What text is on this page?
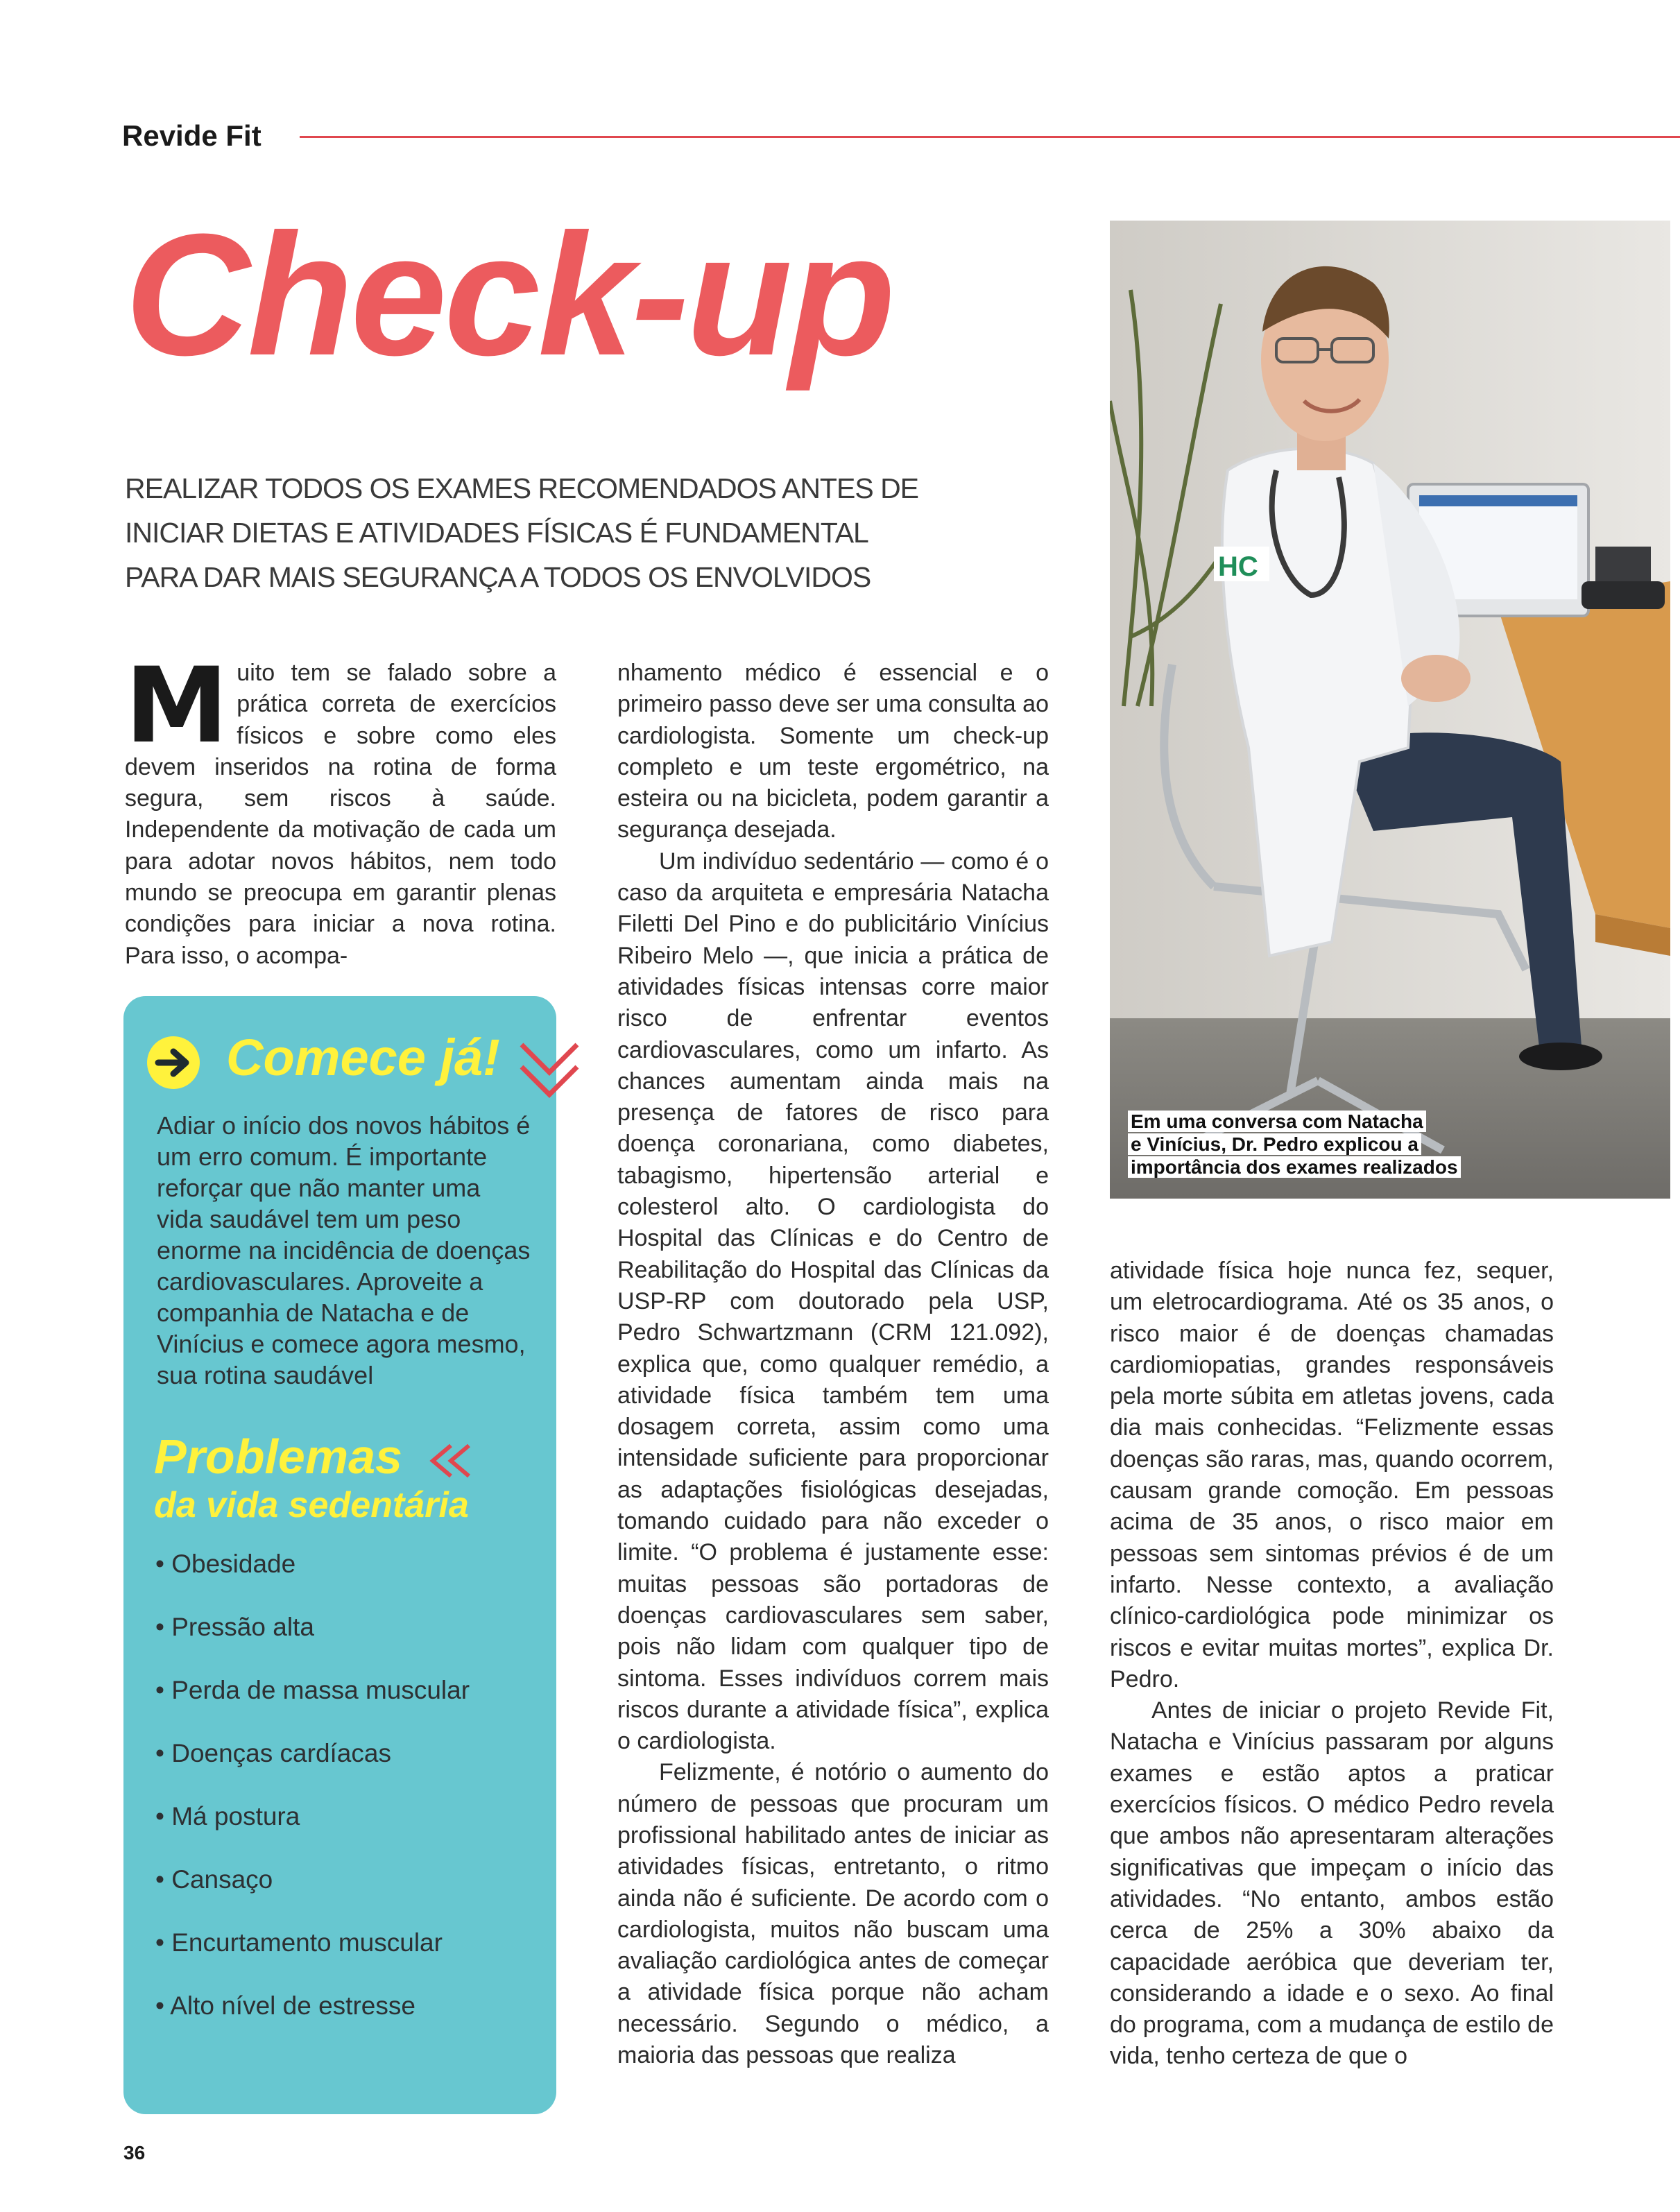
Revide Fit
Check-up
REALIZAR TODOS OS EXAMES RECOMENDADOS ANTES DE
INICIAR DIETAS E ATIVIDADES FÍSICAS É FUNDAMENTAL
PARA DAR MAIS SEGURANÇA A TODOS OS ENVOLVIDOS
M uito tem se falado sobre a prática correta de exercícios físicos e sobre como eles devem inseridos na rotina de forma segura, sem riscos à saúde. Independente da motivação de cada um para adotar novos hábitos, nem todo mundo se preocupa em garantir plenas condições para iniciar a nova rotina. Para isso, o acompa-

nhamento médico é essencial e o primeiro passo deve ser uma consulta ao cardiologista. Somente um check-up completo e um teste ergométrico, na esteira ou na bicicleta, podem garantir a segurança desejada.

Um indivíduo sedentário — como é o caso da arquiteta e empresária Natacha Filetti Del Pino e do publicitário Vinícius Ribeiro Melo —, que inicia a prática de atividades físicas intensas corre maior risco de enfrentar eventos cardiovasculares, como um infarto. As chances aumentam ainda mais na presença de fatores de risco para doença coronariana, como diabetes, tabagismo, hipertensão arterial e colesterol alto. O cardiologista do Hospital das Clínicas e do Centro de Reabilitação do Hospital das Clínicas da USP-RP com doutorado pela USP, Pedro Schwartzmann (CRM 121.092), explica que, como qualquer remédio, a atividade física também tem uma dosagem correta, assim como uma intensidade suficiente para proporcionar as adaptações fisiológicas desejadas, tomando cuidado para não exceder o limite. “O problema é justamente esse: muitas pessoas são portadoras de doenças cardiovasculares sem saber, pois não lidam com qualquer tipo de sintoma. Esses indivíduos correm mais riscos durante a atividade física”, explica o cardiologista.

Felizmente, é notório o aumento do número de pessoas que procuram um profissional habilitado antes de iniciar as atividades físicas, entretanto, o ritmo ainda não é suficiente. De acordo com o cardiologista, muitos não buscam uma avaliação cardiológica antes de começar a atividade física porque não acham necessário. Segundo o médico, a maioria das pessoas que realiza

atividade física hoje nunca fez, sequer, um eletrocardiograma. Até os 35 anos, o risco maior é de doenças chamadas cardiomiopatias, grandes responsáveis pela morte súbita em atletas jovens, cada dia mais conhecidas. “Felizmente essas doenças são raras, mas, quando ocorrem, causam grande comoção. Em pessoas acima de 35 anos, o risco maior em pessoas sem sintomas prévios é de um infarto. Nesse contexto, a avaliação clínico-cardiológica pode minimizar os riscos e evitar muitas mortes”, explica Dr. Pedro.

Antes de iniciar o projeto Revide Fit, Natacha e Vinícius passaram por alguns exames e estão aptos a praticar exercícios físicos. O médico Pedro revela que ambos não apresentaram alterações significativas que impeçam o início das atividades. “No entanto, ambos estão cerca de 25% a 30% abaixo da capacidade aeróbica que deveriam ter, considerando a idade e o sexo. Ao final do programa, com a mudança de estilo de vida, tenho certeza de que o

HC
Em uma conversa com Natacha
e Vinícius, Dr. Pedro explicou a
importância dos exames realizados
Comece já!
Adiar o início dos novos hábitos é um erro comum. É importante reforçar que não manter uma vida saudável tem um peso enorme na incidência de doenças cardiovasculares. Aproveite a companhia de Natacha e de Vinícius e comece agora mesmo, sua rotina saudável
Problemas
da vida sedentária
• Obesidade
• Pressão alta
• Perda de massa muscular
• Doenças cardíacas
• Má postura
• Cansaço
• Encurtamento muscular
• Alto nível de estresse
36
